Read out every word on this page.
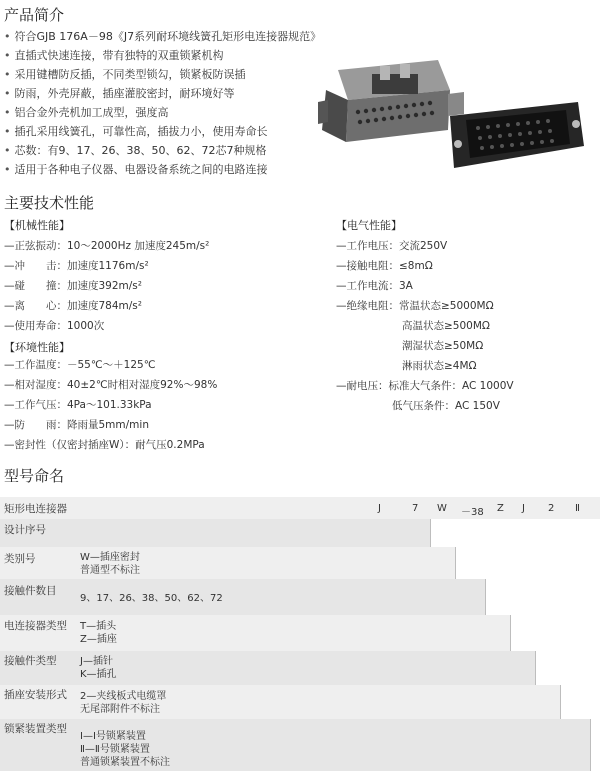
产品简介
• 符合GJB 176A－98《J7系列耐环境线簧孔矩形电连接器规范》
• 直插式快速连接，带有独特的双重锁紧机构
• 采用键槽防反插，不同类型锁勾，锁紧板防误插
• 防雨，外壳屏蔽，插座灌胶密封，耐环境好等
• 铝合金外壳机加工成型，强度高
• 插孔采用线簧孔，可靠性高，插拔力小，使用寿命长
• 芯数：有9、17、26、38、50、62、72芯7种规格
• 适用于各种电子仪器、电器设备系统之间的电路连接
主要技术性能
【机械性能】
—正弦振动：10～2000Hz 加速度245m/s²
—冲　　击：加速度1176m/s²
—碰　　撞：加速度392m/s²
—离　　心：加速度784m/s²
—使用寿命：1000次
【环境性能】
—工作温度：－55℃～＋125℃
—相对湿度：40±2℃时相对湿度92%～98%
—工作气压：4Pa～101.33kPa
—防　　雨：降雨量5mm/min
—密封性（仅密封插座W）：耐气压0.2MPa
【电气性能】
—工作电压：交流250V
—接触电阻：≤8mΩ
—工作电流：3A
—绝缘电阻：常温状态≥5000MΩ
高温状态≥500MΩ
潮湿状态≥50MΩ
淋雨状态≥4MΩ
—耐电压：标准大气条件：AC 1000V
低气压条件：AC 150V
型号命名
矩形电连接器	J	7 W －38 Z J 2 Ⅱ
设计序号
类别号	W—插座密封
普通型不标注
接触件数目
9、17、26、38、50、62、72
电连接器类型 T—插头
Z—插座
接触件类型 J—插针
K—插孔
插座安装形式 2—夹线板式电缆罩
无尾部附件不标注
锁紧装置类型
Ⅰ—Ⅰ号锁紧装置
Ⅱ—Ⅱ号锁紧装置
普通锁紧装置不标注
